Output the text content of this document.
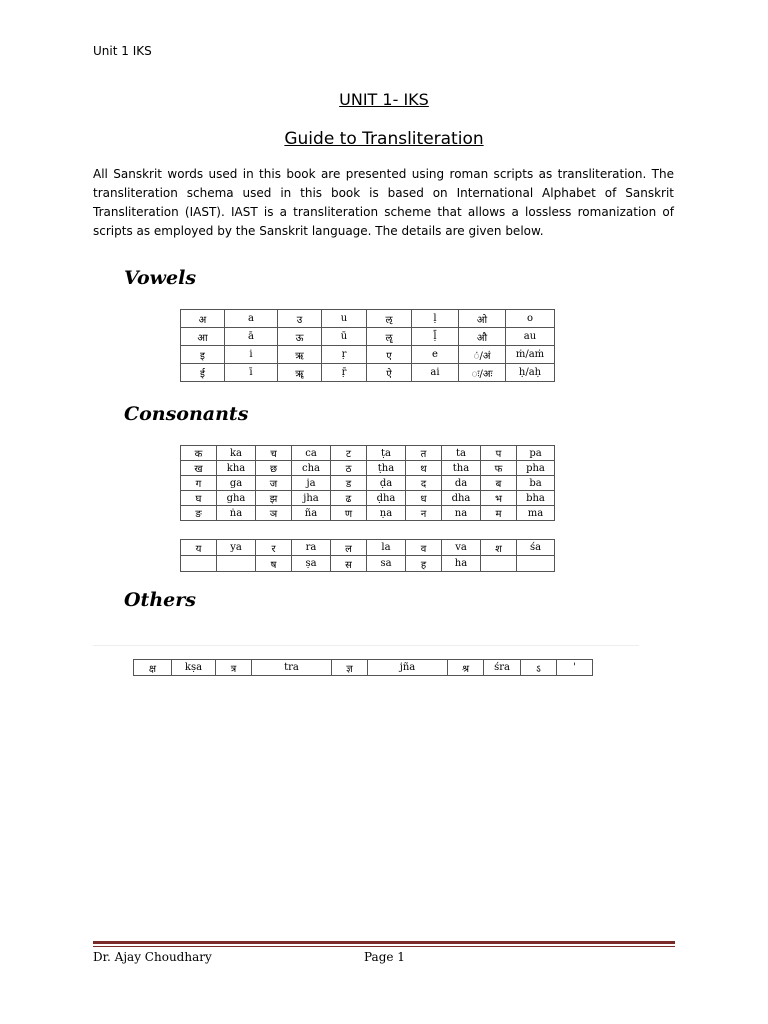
Unit 1 IKS
UNIT 1- IKS
Guide to Transliteration
All Sanskrit words used in this book are presented using roman scripts as transliteration. The transliteration schema used in this book is based on International Alphabet of Sanskrit Transliteration (IAST). IAST is a transliteration scheme that allows a lossless romanization of scripts as employed by the Sanskrit language. The details are given below.
Vowels
अ	a	उ	u	ऌ	ḷ	ओ	o
आ	ā	ऊ	ū	ॡ	ḹ	औ	au
इ	i	ऋ	ṛ	ए	e	ं/अं	ṁ/aṁ
ई	ī	ॠ	ṝ	ऐ	ai	ः/अः	ḥ/aḥ
Consonants
क	ka	च	ca	ट	ṭa	त	ta	प	pa
ख	kha	छ	cha	ठ	ṭha	थ	tha	फ	pha
ग	ga	ज	ja	ड	ḍa	द	da	ब	ba
घ	gha	झ	jha	ढ	ḍha	ध	dha	भ	bha
ङ	ṅa	ञ	ña	ण	ṇa	न	na	म	ma
य	ya	र	ra	ल	la	व	va	श	śa
		ष	ṣa	स	sa	ह	ha		
Others
क्ष	kṣa	त्र	tra	ज्ञ	jña	श्र	śra	ऽ	'
Dr. Ajay Choudhary	Page 1
